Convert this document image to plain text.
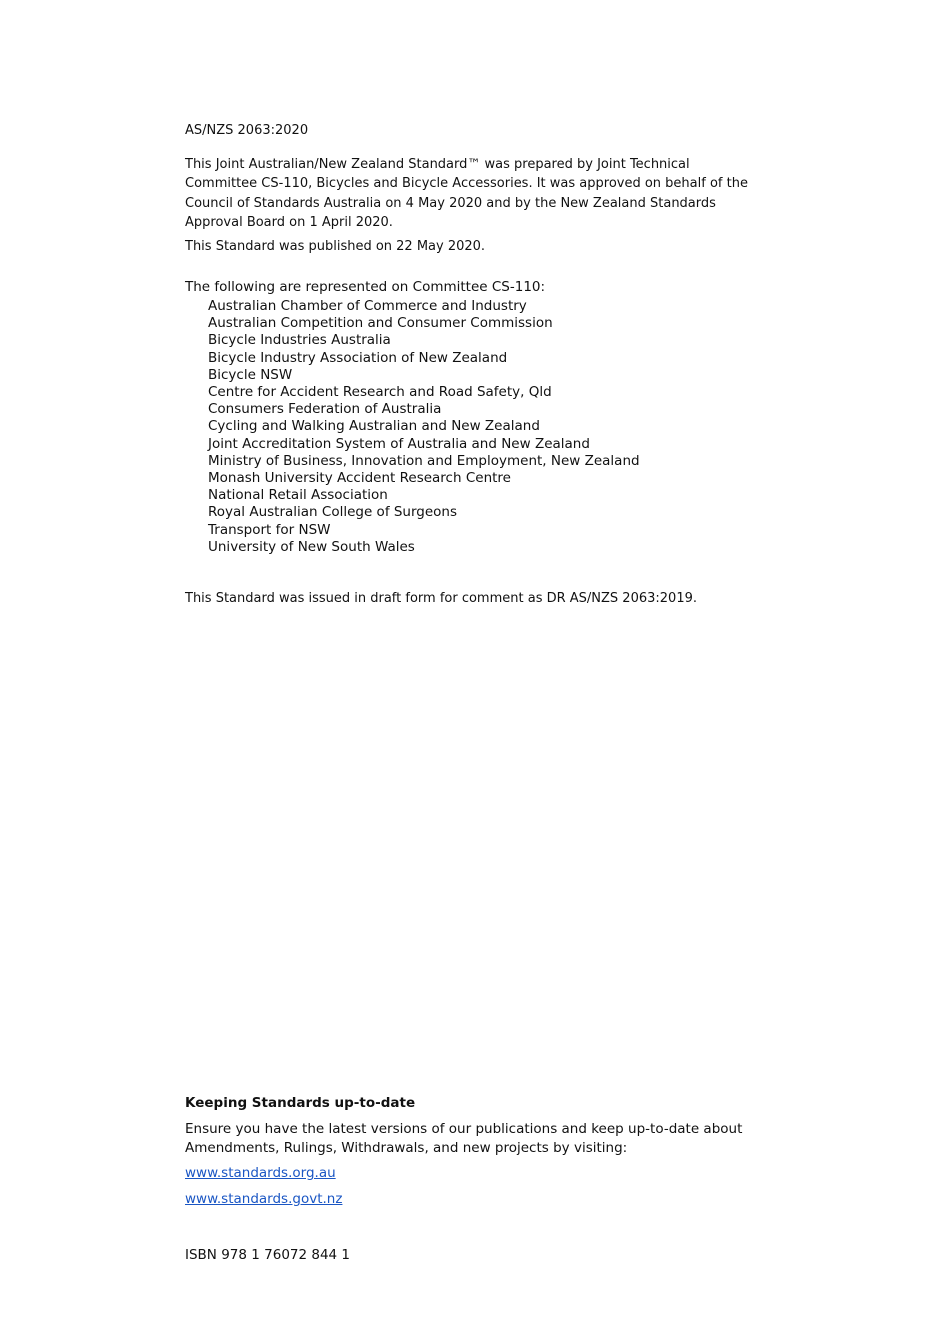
AS/NZS 2063:2020
This Joint Australian/New Zealand Standard™ was prepared by Joint Technical Committee CS-110, Bicycles and Bicycle Accessories. It was approved on behalf of the Council of Standards Australia on 4 May 2020 and by the New Zealand Standards Approval Board on 1 April 2020.
This Standard was published on 22 May 2020.
The following are represented on Committee CS-110:
Australian Chamber of Commerce and Industry
Australian Competition and Consumer Commission
Bicycle Industries Australia
Bicycle Industry Association of New Zealand
Bicycle NSW
Centre for Accident Research and Road Safety, Qld
Consumers Federation of Australia
Cycling and Walking Australian and New Zealand
Joint Accreditation System of Australia and New Zealand
Ministry of Business, Innovation and Employment, New Zealand
Monash University Accident Research Centre
National Retail Association
Royal Australian College of Surgeons
Transport for NSW
University of New South Wales
This Standard was issued in draft form for comment as DR AS/NZS 2063:2019.
Keeping Standards up-to-date
Ensure you have the latest versions of our publications and keep up-to-date about Amendments, Rulings, Withdrawals, and new projects by visiting:
www.standards.org.au
www.standards.govt.nz
ISBN 978 1 76072 844 1
